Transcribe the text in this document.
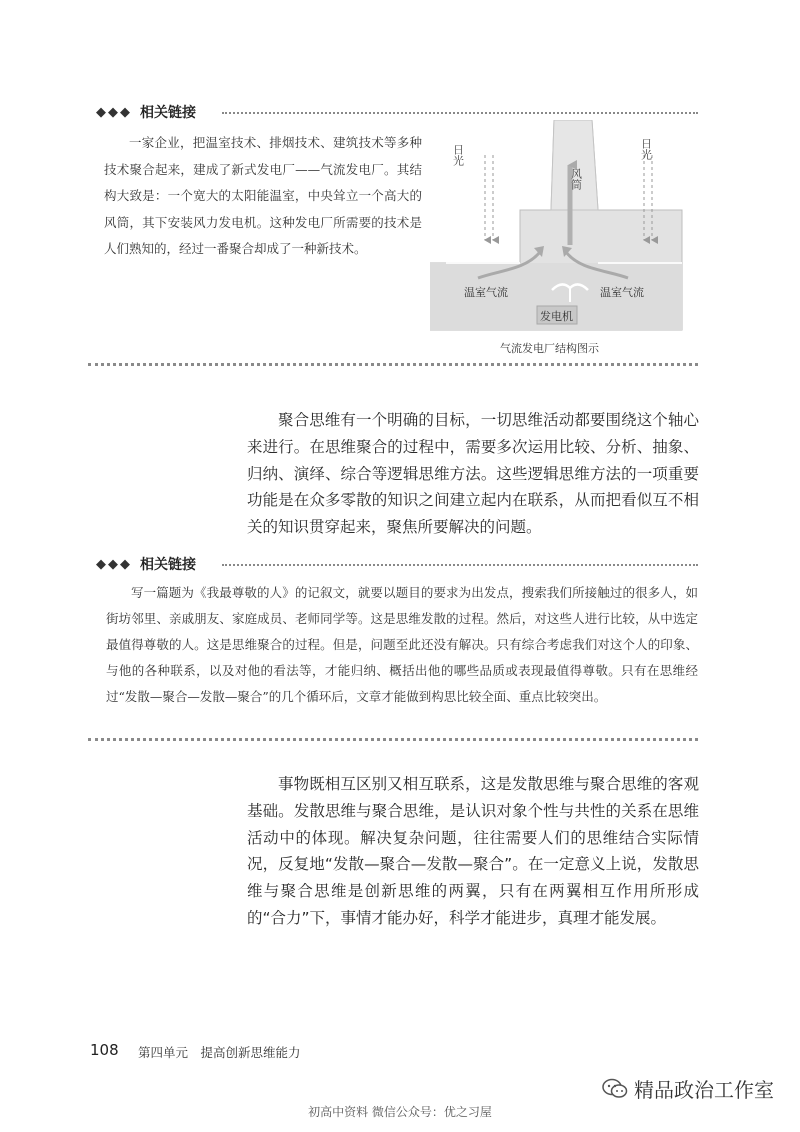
◆◆◆ 相关链接
一家企业，把温室技术、排烟技术、建筑技术等多种技术聚合起来，建成了新式发电厂——气流发电厂。其结构大致是：一个宽大的太阳能温室，中央耸立一个高大的风筒，其下安装风力发电机。这种发电厂所需要的技术是人们熟知的，经过一番聚合却成了一种新技术。
日光	日光
风筒
温室气流	温室气流
发电机
气流发电厂结构图示
聚合思维有一个明确的目标，一切思维活动都要围绕这个轴心来进行。在思维聚合的过程中，需要多次运用比较、分析、抽象、归纳、演绎、综合等逻辑思维方法。这些逻辑思维方法的一项重要功能是在众多零散的知识之间建立起内在联系，从而把看似互不相关的知识贯穿起来，聚焦所要解决的问题。
◆◆◆ 相关链接
写一篇题为《我最尊敬的人》的记叙文，就要以题目的要求为出发点，搜索我们所接触过的很多人，如街坊邻里、亲戚朋友、家庭成员、老师同学等。这是思维发散的过程。然后，对这些人进行比较，从中选定最值得尊敬的人。这是思维聚合的过程。但是，问题至此还没有解决。只有综合考虑我们对这个人的印象、与他的各种联系，以及对他的看法等，才能归纳、概括出他的哪些品质或表现最值得尊敬。只有在思维经过“发散—聚合—发散—聚合”的几个循环后，文章才能做到构思比较全面、重点比较突出。
事物既相互区别又相互联系，这是发散思维与聚合思维的客观基础。发散思维与聚合思维，是认识对象个性与共性的关系在思维活动中的体现。解决复杂问题，往往需要人们的思维结合实际情况，反复地“发散—聚合—发散—聚合”。在一定意义上说，发散思维与聚合思维是创新思维的两翼，只有在两翼相互作用所形成的“合力”下，事情才能办好，科学才能进步，真理才能发展。
108 第四单元　提高创新思维能力
精品政治工作室
初高中资料 微信公众号：优之习屋
